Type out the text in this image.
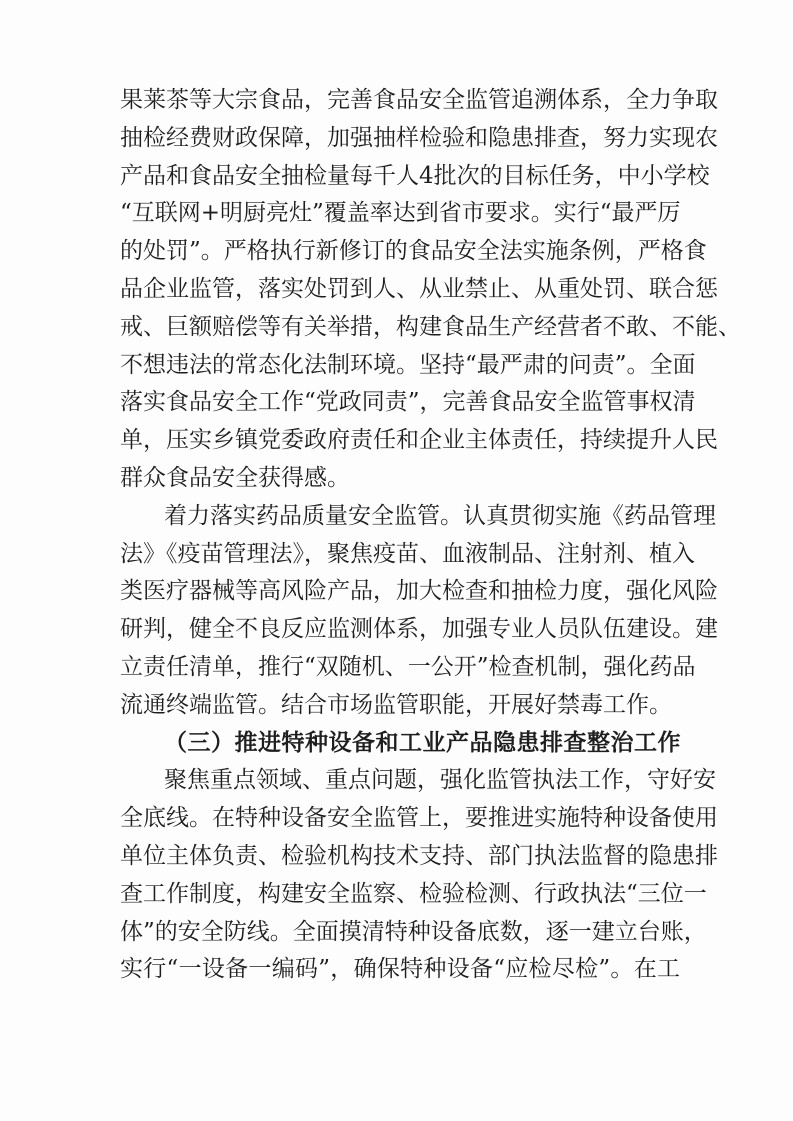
果莱茶等大宗食品，完善食品安全监管追溯体系，全力争取
抽检经费财政保障，加强抽样检验和隐患排查，努力实现农
产品和食品安全抽检量每千人4批次的目标任务，中小学校
“互联网+明厨亮灶”覆盖率达到省市要求。实行“最严厉
的处罚”。严格执行新修订的食品安全法实施条例，严格食
品企业监管，落实处罚到人、从业禁止、从重处罚、联合惩
戒、巨额赔偿等有关举措，构建食品生产经营者不敢、不能、
不想违法的常态化法制环境。坚持“最严肃的问责”。全面
落实食品安全工作“党政同责”，完善食品安全监管事权清
单，压实乡镇党委政府责任和企业主体责任，持续提升人民
群众食品安全获得感。
着力落实药品质量安全监管。认真贯彻实施《药品管理
法》《疫苗管理法》，聚焦疫苗、血液制品、注射剂、植入
类医疗器械等高风险产品，加大检查和抽检力度，强化风险
研判，健全不良反应监测体系，加强专业人员队伍建设。建
立责任清单，推行“双随机、一公开”检查机制，强化药品
流通终端监管。结合市场监管职能，开展好禁毒工作。
（三）推进特种设备和工业产品隐患排查整治工作
聚焦重点领域、重点问题，强化监管执法工作，守好安
全底线。在特种设备安全监管上，要推进实施特种设备使用
单位主体负责、检验机构技术支持、部门执法监督的隐患排
查工作制度，构建安全监察、检验检测、行政执法“三位一
体”的安全防线。全面摸清特种设备底数，逐一建立台账，
实行“一设备一编码”，确保特种设备“应检尽检”。在工
